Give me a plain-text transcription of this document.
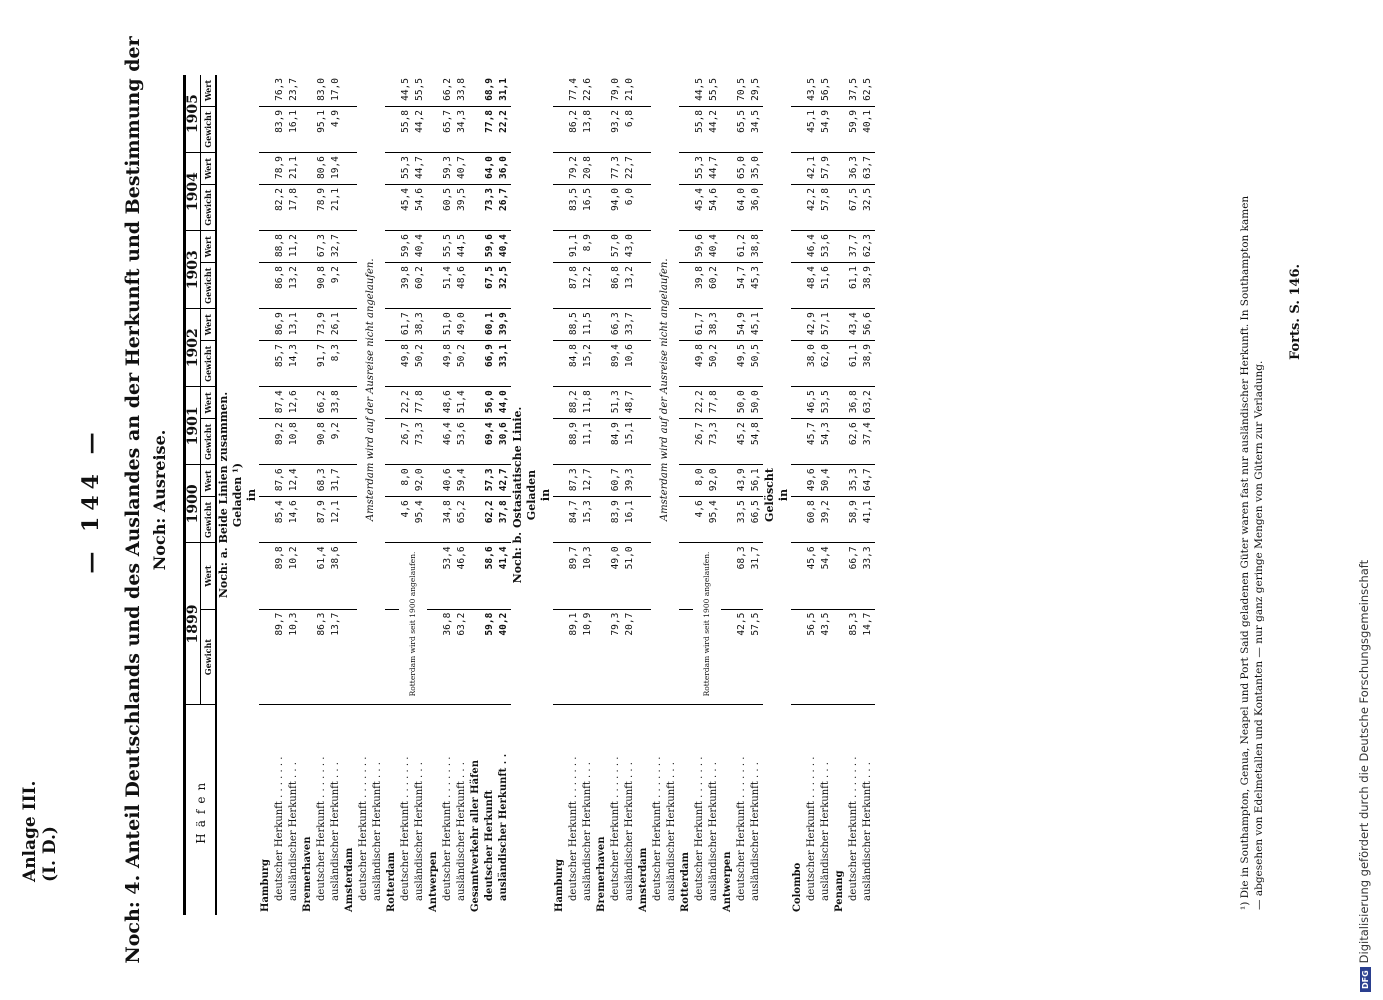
Anlage III. (I. D.)
— 144 — Noch: 4. Anteil Deutschlands und des Auslandes an der Herkunft und Bestimmung der Noch: Ausreise.
Häfen	1899		1900		1901		1902		1903		1904		1905	
	Gewicht	Wert	Gewicht	Wert	Gewicht	Wert	Gewicht	Wert	Gewicht	Wert	Gewicht	Wert	Gewicht	Wert
Noch: a. Beide Linien zusammen.														
Geladen ¹)														
in														
Hamburg														
deutscher Herkunft . . . . . . .	89,7	89,8	85,4	87,6	89,2	87,4	85,7	86,9	86,8	88,8	82,2	78,9	83,9	76,3
ausländischer Herkunft . . .	10,3	10,2	14,6	12,4	10,8	12,6	14,3	13,1	13,2	11,2	17,8	21,1	16,1	23,7
Bremerhaven														
deutscher Herkunft . . . . . . .	86,3	61,4	87,9	68,3	90,8	66,2	91,7	73,9	90,8	67,3	78,9	80,6	95,1	83,0
ausländischer Herkunft . . .	13,7	38,6	12,1	31,7	9,2	33,8	8,3	26,1	9,2	32,7	21,1	19,4	4,9	17,0
Amsterdam														
deutscher Herkunft . . . . . . .	Amsterdam wird auf der Ausreise nicht angelaufen.													
ausländischer Herkunft . . .														
Rotterdam														
deutscher Herkunft . . . . . . .	Rotterdam wird seit 1900 angelaufen.		4,6	8,0	26,7	22,2	49,8	61,7	39,8	59,6	45,4	55,3	55,8	44,5
ausländischer Herkunft . . .			95,4	92,0	73,3	77,8	50,2	38,3	60,2	40,4	54,6	44,7	44,2	55,5
Antwerpen														
deutscher Herkunft . . . . . . .	36,8	53,4	34,8	40,6	46,4	48,6	49,8	51,0	51,4	55,5	60,5	59,3	65,7	66,2
ausländischer Herkunft . . .	63,2	46,6	65,2	59,4	53,6	51,4	50,2	49,0	48,6	44,5	39,5	40,7	34,3	33,8
Gesamtverkehr aller Häfen														
deutscher Herkunft	59,8	58,6	62,2	57,3	69,4	56,0	66,9	60,1	67,5	59,6	73,3	64,0	77,8	68,9
ausländischer Herkunft . .	40,2	41,4	37,8	42,7	30,6	44,0	33,1	39,9	32,5	40,4	26,7	36,0	22,2	31,1
Noch: b. Ostasiatische Linie.														
Geladen														
in														
Hamburg														
deutscher Herkunft . . . . . . .	89,1	89,7	84,7	87,3	88,9	88,2	84,8	88,5	87,8	91,1	83,5	79,2	86,2	77,4
ausländischer Herkunft . . .	10,9	10,3	15,3	12,7	11,1	11,8	15,2	11,5	12,2	8,9	16,5	20,8	13,8	22,6
Bremerhaven														
deutscher Herkunft . . . . . . .	79,3	49,0	83,9	60,7	84,9	51,3	89,4	66,3	86,8	57,0	94,0	77,3	93,2	79,0
ausländischer Herkunft . . .	20,7	51,0	16,1	39,3	15,1	48,7	10,6	33,7	13,2	43,0	6,0	22,7	6,8	21,0
Amsterdam														
deutscher Herkunft . . . . . . .	Amsterdam wird auf der Ausreise nicht angelaufen.													
ausländischer Herkunft . . .														
Rotterdam														
deutscher Herkunft . . . . . . .	Rotterdam wird seit 1900 angelaufen.		4,6	8,0	26,7	22,2	49,8	61,7	39,8	59,6	45,4	55,3	55,8	44,5
ausländischer Herkunft . . .			95,4	92,0	73,3	77,8	50,2	38,3	60,2	40,4	54,6	44,7	44,2	55,5
Antwerpen														
deutscher Herkunft . . . . . . .	42,5	68,3	33,5	43,9	45,2	50,0	49,5	54,9	54,7	61,2	64,0	65,0	65,5	70,5
ausländischer Herkunft . . .	57,5	31,7	66,5	56,1	54,8	50,0	50,5	45,1	45,3	38,8	36,0	35,0	34,5	29,5
Gelöscht														
in														
Colombo														
deutscher Herkunft . . . . . . .	56,5	45,6	60,8	49,6	45,7	46,5	38,0	42,9	48,4	46,4	42,2	42,1	45,1	43,5
ausländischer Herkunft . . .	43,5	54,4	39,2	50,4	54,3	53,5	62,0	57,1	51,6	53,6	57,8	57,9	54,9	56,5
Penang														
deutscher Herkunft . . . . . . .	85,3	66,7	58,9	35,3	62,6	36,8	61,1	43,4	61,1	37,7	67,5	36,3	59,9	37,5
ausländischer Herkunft . . .	14,7	33,3	41,1	64,7	37,4	63,2	38,9	56,6	38,9	62,3	32,5	63,7	40,1	62,5
¹) Die in Southampton, Genua, Neapel und Port Said geladenen Güter waren fast nur ausländischer Herkunft. In Southampton kamen — abgesehen von Edelmetallen und Kontanten — nur ganz geringe Mengen von Gütern zur Verladung.
Forts. S. 146.
DFGDigitalisierung gefördert durch die Deutsche Forschungsgemeinschaft
